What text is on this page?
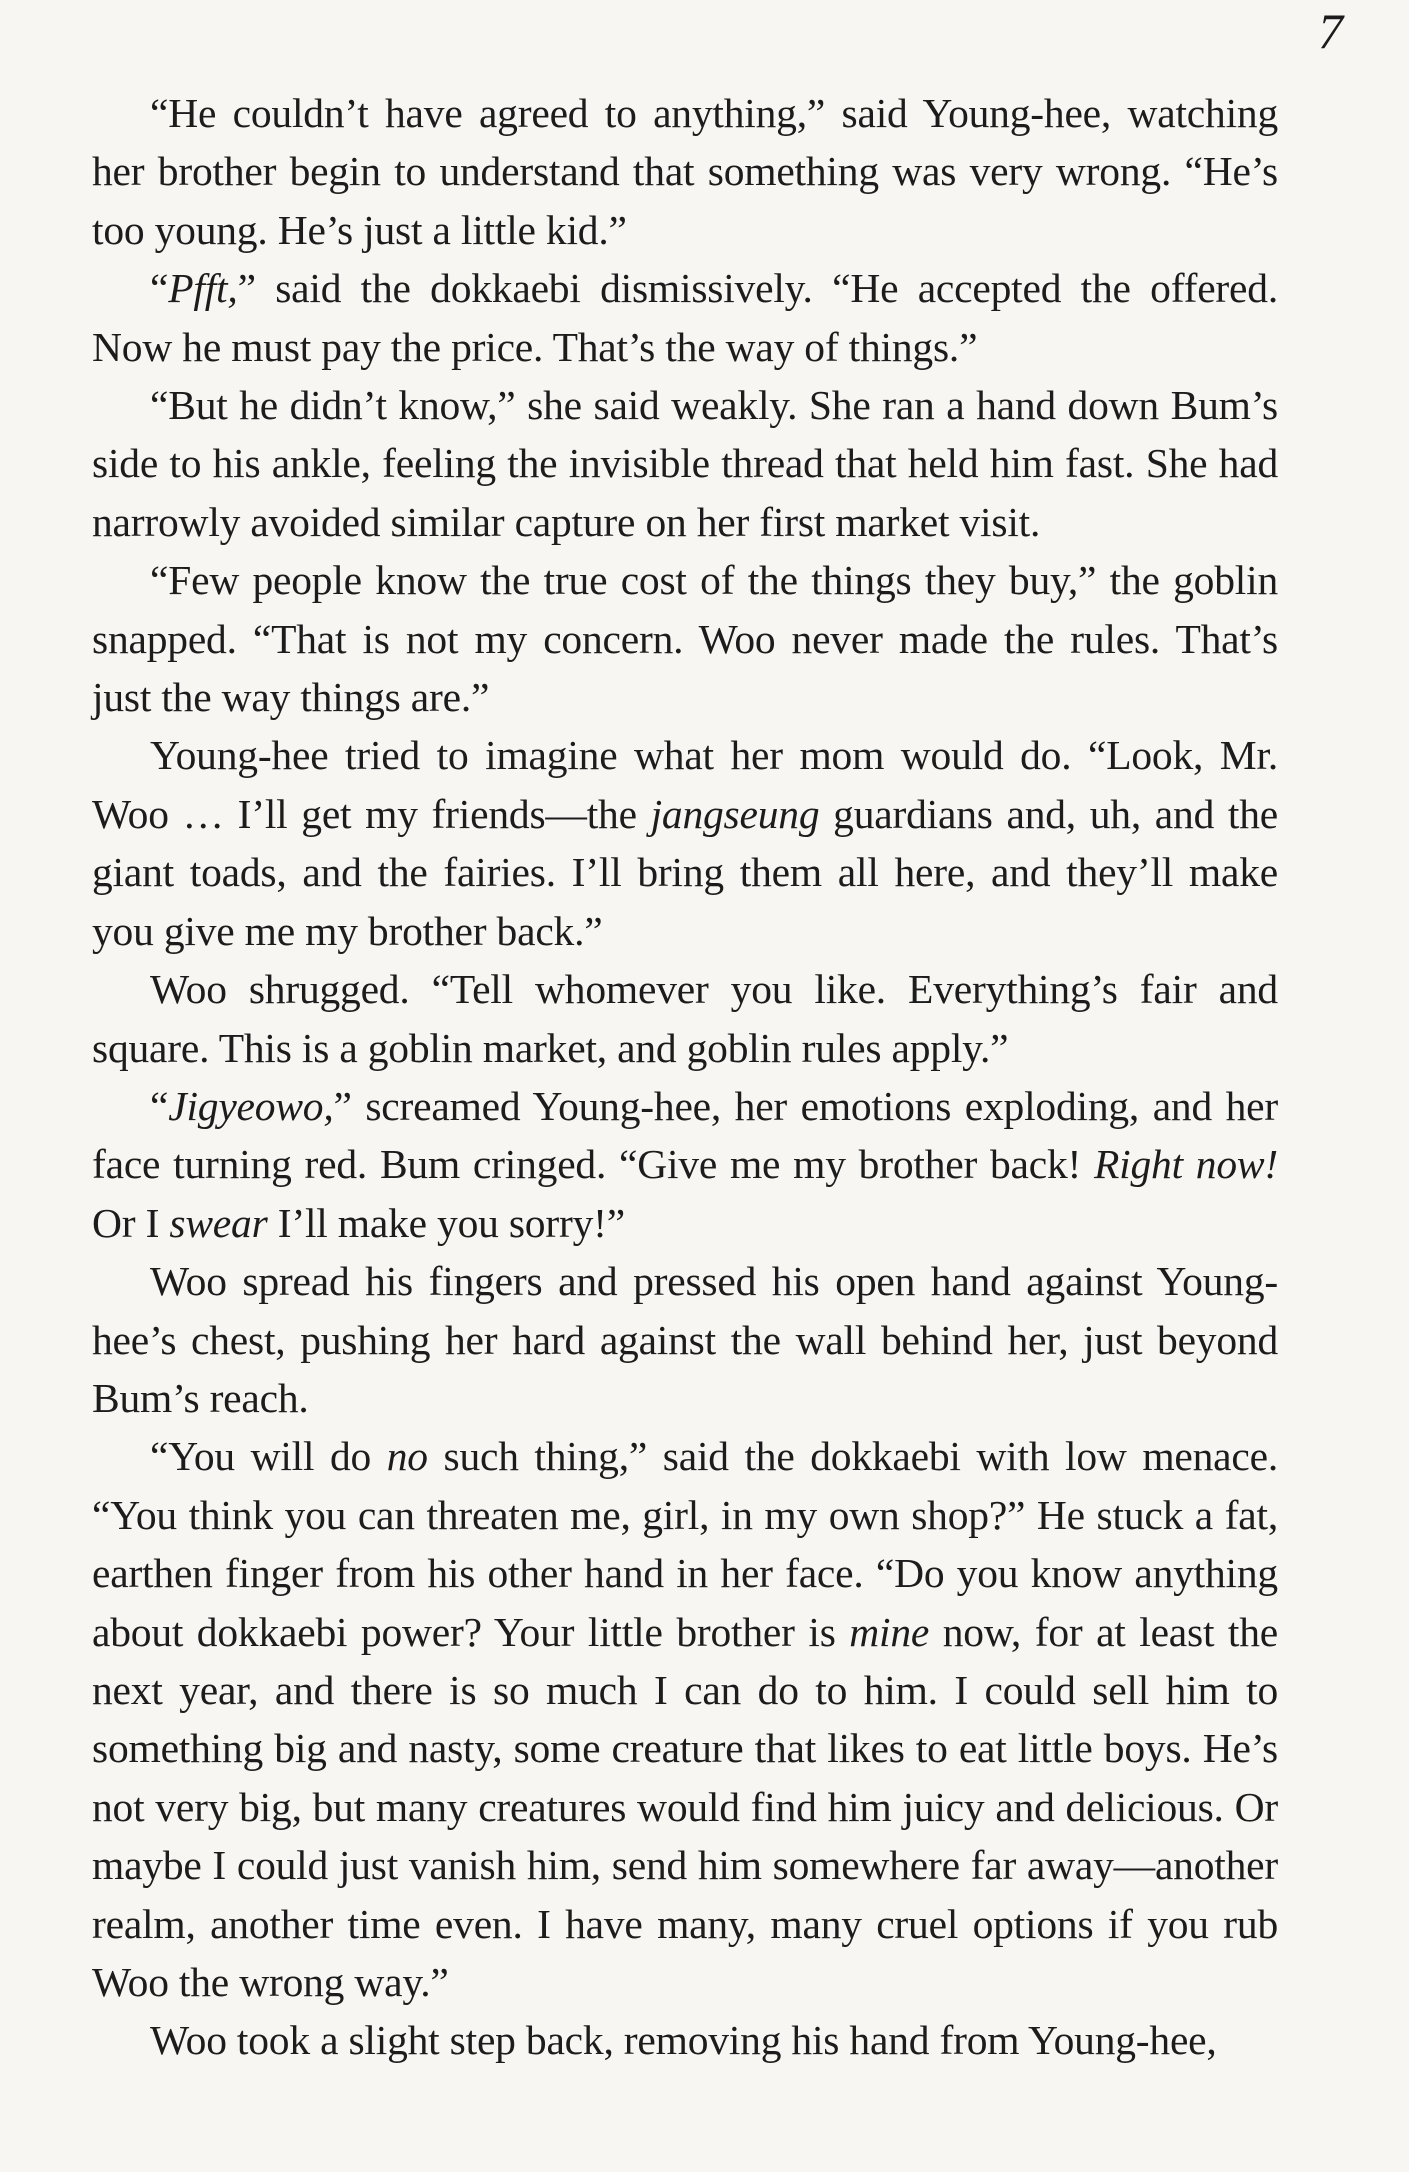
7

“He couldn’t have agreed to anything,” said Young-hee, watching her brother begin to understand that something was very wrong. “He’s too young. He’s just a little kid.”

“Pfft,” said the dokkaebi dismissively. “He accepted the offered. Now he must pay the price. That’s the way of things.”

“But he didn’t know,” she said weakly. She ran a hand down Bum’s side to his ankle, feeling the invisible thread that held him fast. She had narrowly avoided similar capture on her first market visit.

“Few people know the true cost of the things they buy,” the goblin snapped. “That is not my concern. Woo never made the rules. That’s just the way things are.”

Young-hee tried to imagine what her mom would do. “Look, Mr. Woo … I’ll get my friends—the jangseung guardians and, uh, and the giant toads, and the fairies. I’ll bring them all here, and they’ll make you give me my brother back.”

Woo shrugged. “Tell whomever you like. Everything’s fair and square. This is a goblin market, and goblin rules apply.”

“Jigyeowo,” screamed Young-hee, her emotions exploding, and her face turning red. Bum cringed. “Give me my brother back! Right now! Or I swear I’ll make you sorry!”

Woo spread his fingers and pressed his open hand against Young-hee’s chest, pushing her hard against the wall behind her, just beyond Bum’s reach.

“You will do no such thing,” said the dokkaebi with low menace. “You think you can threaten me, girl, in my own shop?” He stuck a fat, earthen finger from his other hand in her face. “Do you know anything about dokkaebi power? Your little brother is mine now, for at least the next year, and there is so much I can do to him. I could sell him to something big and nasty, some creature that likes to eat little boys. He’s not very big, but many creatures would find him juicy and delicious. Or maybe I could just vanish him, send him somewhere far away—another realm, another time even. I have many, many cruel options if you rub Woo the wrong way.”

Woo took a slight step back, removing his hand from Young-hee,
